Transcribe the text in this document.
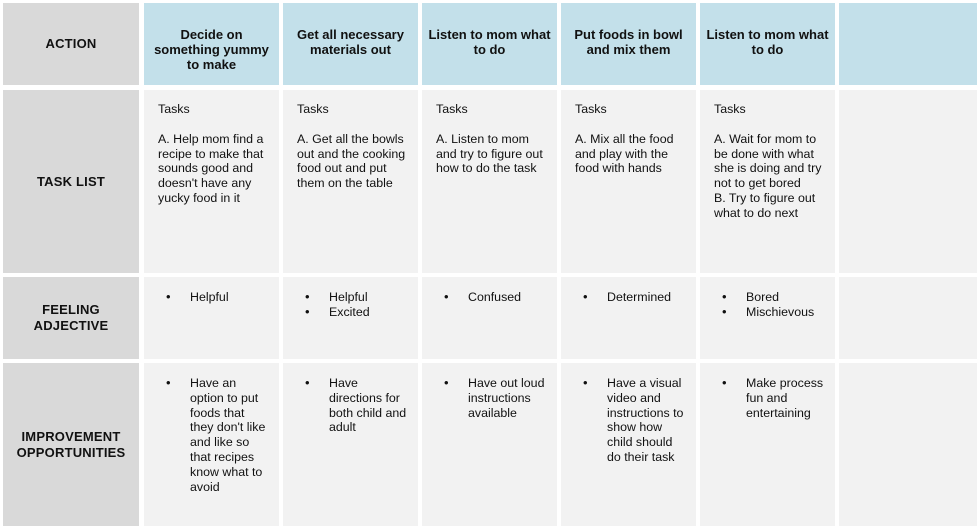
ACTION
TASK LIST
FEELING ADJECTIVE
IMPROVEMENT OPPORTUNITIES
Decide on something yummy to make

Tasks

A. Help mom find a recipe to make that sounds good and doesn't have any yucky food in it

• Helpful
• Have an option to put foods that they don't like and like so that recipes know what to avoid
Get all necessary materials out

Tasks

A. Get all the bowls out and the cooking food out and put them on the table

• Helpful
• Excited
• Have directions for both child and adult
Listen to mom what to do

Tasks

A. Listen to mom and try to figure out how to do the task

• Confused
• Have out loud instructions available
Put foods in bowl and mix them

Tasks

A. Mix all the food and play with the food with hands

• Determined
• Have a visual video and instructions to show how child should do their task
Listen to mom what to do

Tasks

A. Wait for mom to be done with what she is doing and try not to get bored
B. Try to figure out what to do next

• Bored
• Mischievous
• Make process fun and entertaining
